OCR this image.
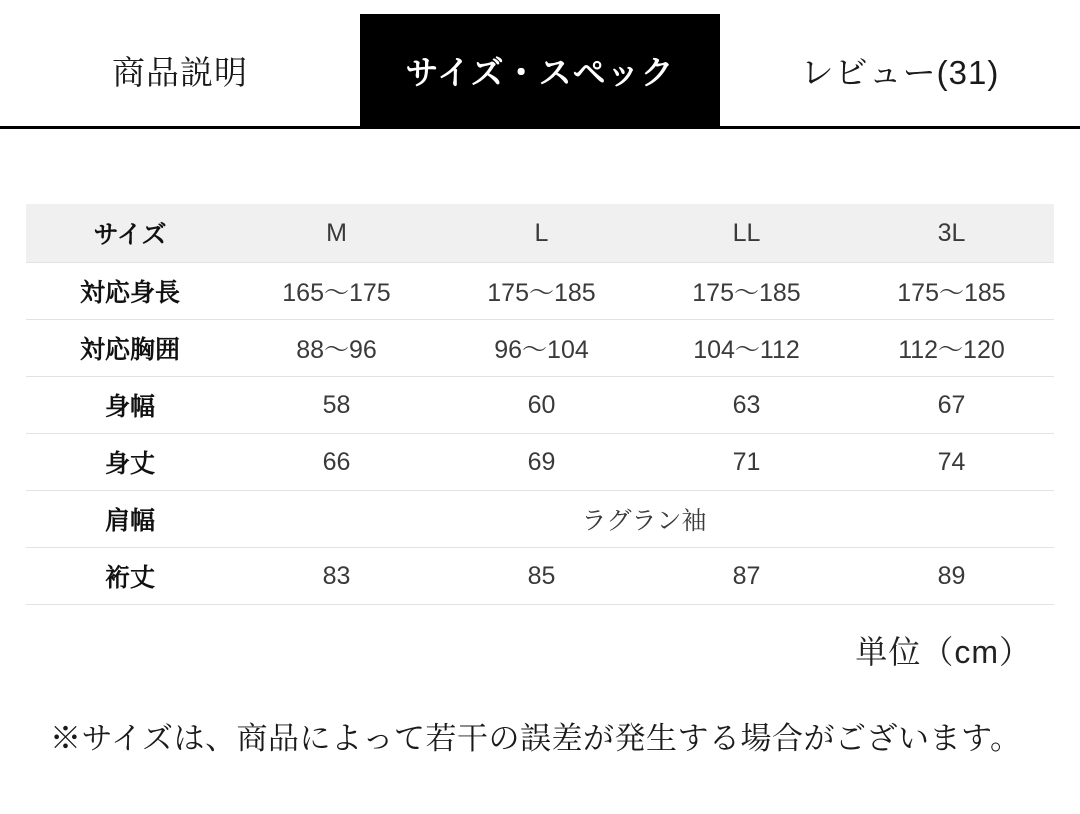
商品説明	サイズ・スペック	レビュー(31)
サイズ	M	L	LL	3L
対応身長	165〜175	175〜185	175〜185	175〜185
対応胸囲	88〜96	96〜104	104〜112	112〜120
身幅	58	60	63	67
身丈	66	69	71	74
肩幅	ラグラン袖			
裄丈	83	85	87	89
単位（cm）
※サイズは、商品によって若干の誤差が発生する場合がございます。
